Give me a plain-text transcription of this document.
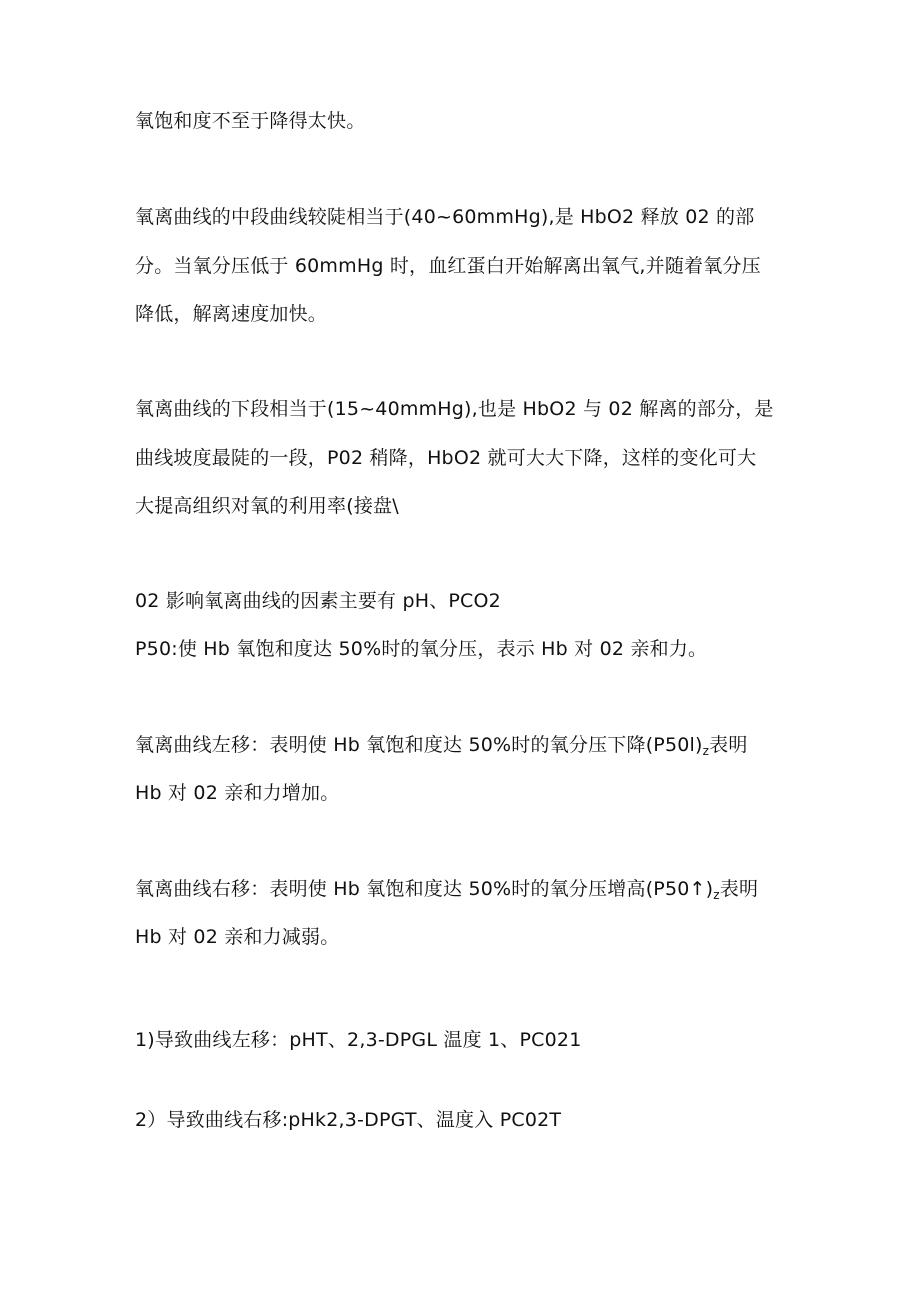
氧饱和度不至于降得太快。
氧离曲线的中段曲线较陡相当于(40~60mmHg),是 HbO2 释放 02 的部
分。当氧分压低于 60mmHg 时，血红蛋白开始解离出氧气,并随着氧分压
降低，解离速度加快。
氧离曲线的下段相当于(15~40mmHg),也是 HbO2 与 02 解离的部分，是
曲线坡度最陡的一段，P02 稍降，HbO2 就可大大下降，这样的变化可大
大提高组织对氧的利用率(接盘\
02 影响氧离曲线的因素主要有 pH、PCO2
P50:使 Hb 氧饱和度达 50%时的氧分压，表示 Hb 对 02 亲和力。
氧离曲线左移：表明使 Hb 氧饱和度达 50%时的氧分压下降$(P50l)_z$表明
Hb 对 02 亲和力增加。
氧离曲线右移：表明使 Hb 氧饱和度达 50%时的氧分压增高$(P50↑)_z$表明
Hb 对 02 亲和力减弱。
1)导致曲线左移：pHT、2,3-DPGL 温度 1、PC021
2）导致曲线右移:pHk2,3-DPGT、温度入 PC02T
